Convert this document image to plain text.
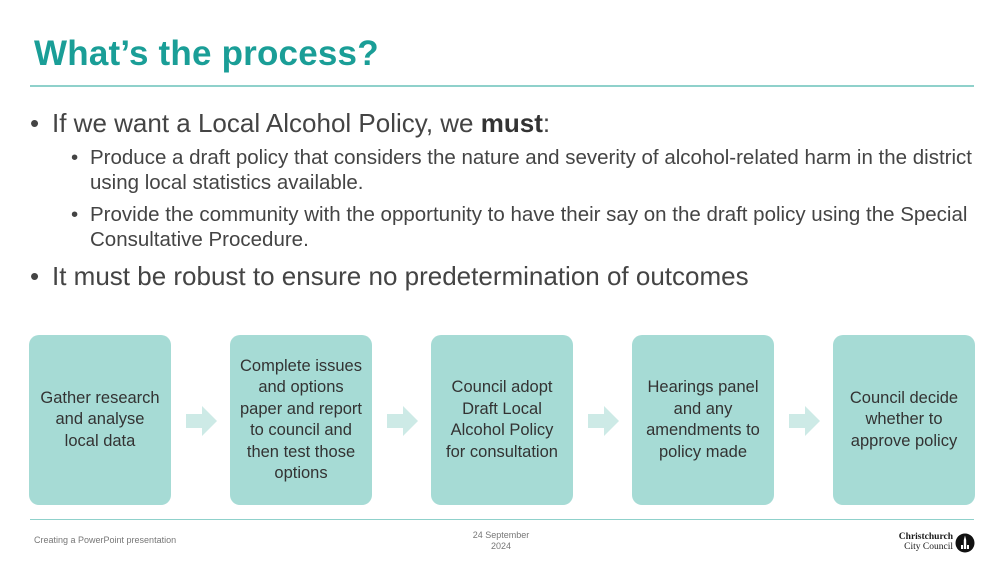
What’s the process?
• If we want a Local Alcohol Policy, we must:
• Produce a draft policy that considers the nature and severity of alcohol-related harm in the district using local statistics available.
• Provide the community with the opportunity to have their say on the draft policy using the Special Consultative Procedure.
• It must be robust to ensure no predetermination of outcomes
Gather research and analyse local data
Complete issues and options paper and report to council and then test those options
Council adopt Draft Local Alcohol Policy for consultation
Hearings panel and any amendments to policy made
Council decide whether to approve policy
Creating a PowerPoint presentation	24 September
2024
Christchurch
City Council
